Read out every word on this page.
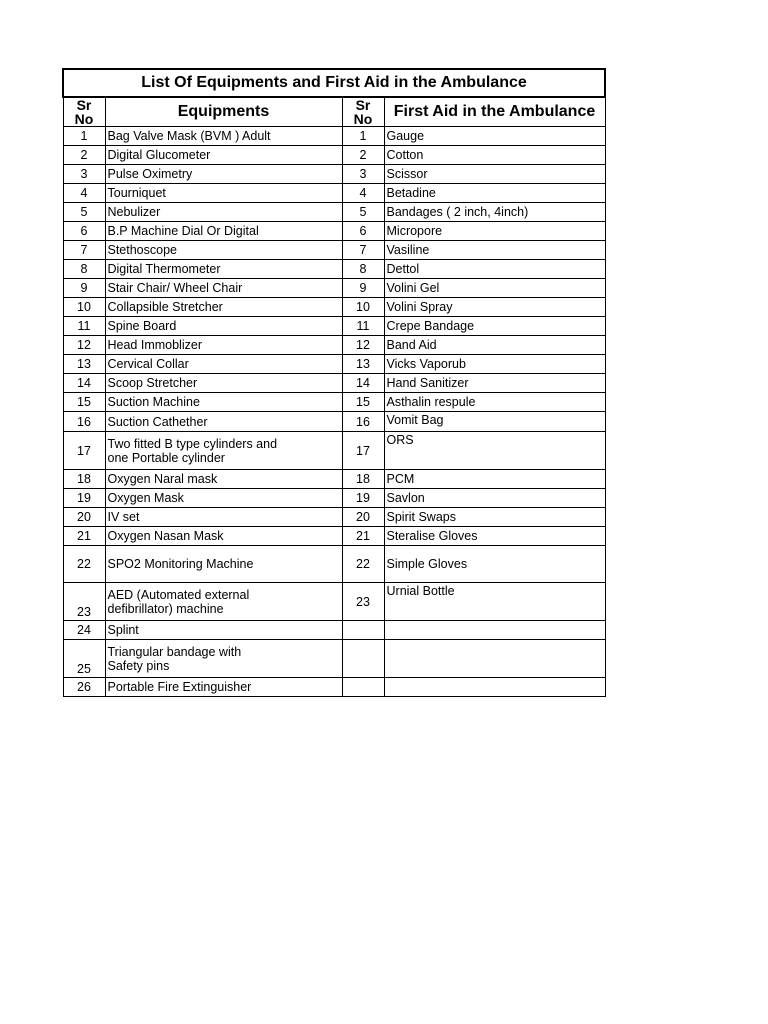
List Of Equipments and First Aid in the Ambulance			
Sr No	Equipments	Sr No	First Aid in the Ambulance
1	Bag Valve Mask (BVM ) Adult	1	Gauge
2	Digital Glucometer	2	Cotton
3	Pulse Oximetry	3	Scissor
4	Tourniquet	4	Betadine
5	Nebulizer	5	Bandages ( 2 inch, 4inch)
6	B.P Machine Dial Or Digital	6	Micropore
7	Stethoscope	7	Vasiline
8	Digital Thermometer	8	Dettol
9	Stair Chair/ Wheel Chair	9	Volini Gel
10	Collapsible Stretcher	10	Volini Spray
11	Spine Board	11	Crepe Bandage
12	Head Immoblizer	12	Band Aid
13	Cervical Collar	13	Vicks Vaporub
14	Scoop Stretcher	14	Hand Sanitizer
15	Suction Machine	15	Asthalin respule
16	Suction Cathether	16	Vomit Bag
17	Two fitted B type cylinders and
one Portable cylinder	17	ORS
18	Oxygen Naral mask	18	PCM
19	Oxygen Mask	19	Savlon
20	IV set	20	Spirit Swaps
21	Oxygen Nasan Mask	21	Steralise Gloves
22	SPO2 Monitoring Machine	22	Simple Gloves
23	AED (Automated external
defibrillator) machine	23	Urnial Bottle
24	Splint		
25	Triangular bandage with
Safety pins		
26	Portable Fire Extinguisher		
